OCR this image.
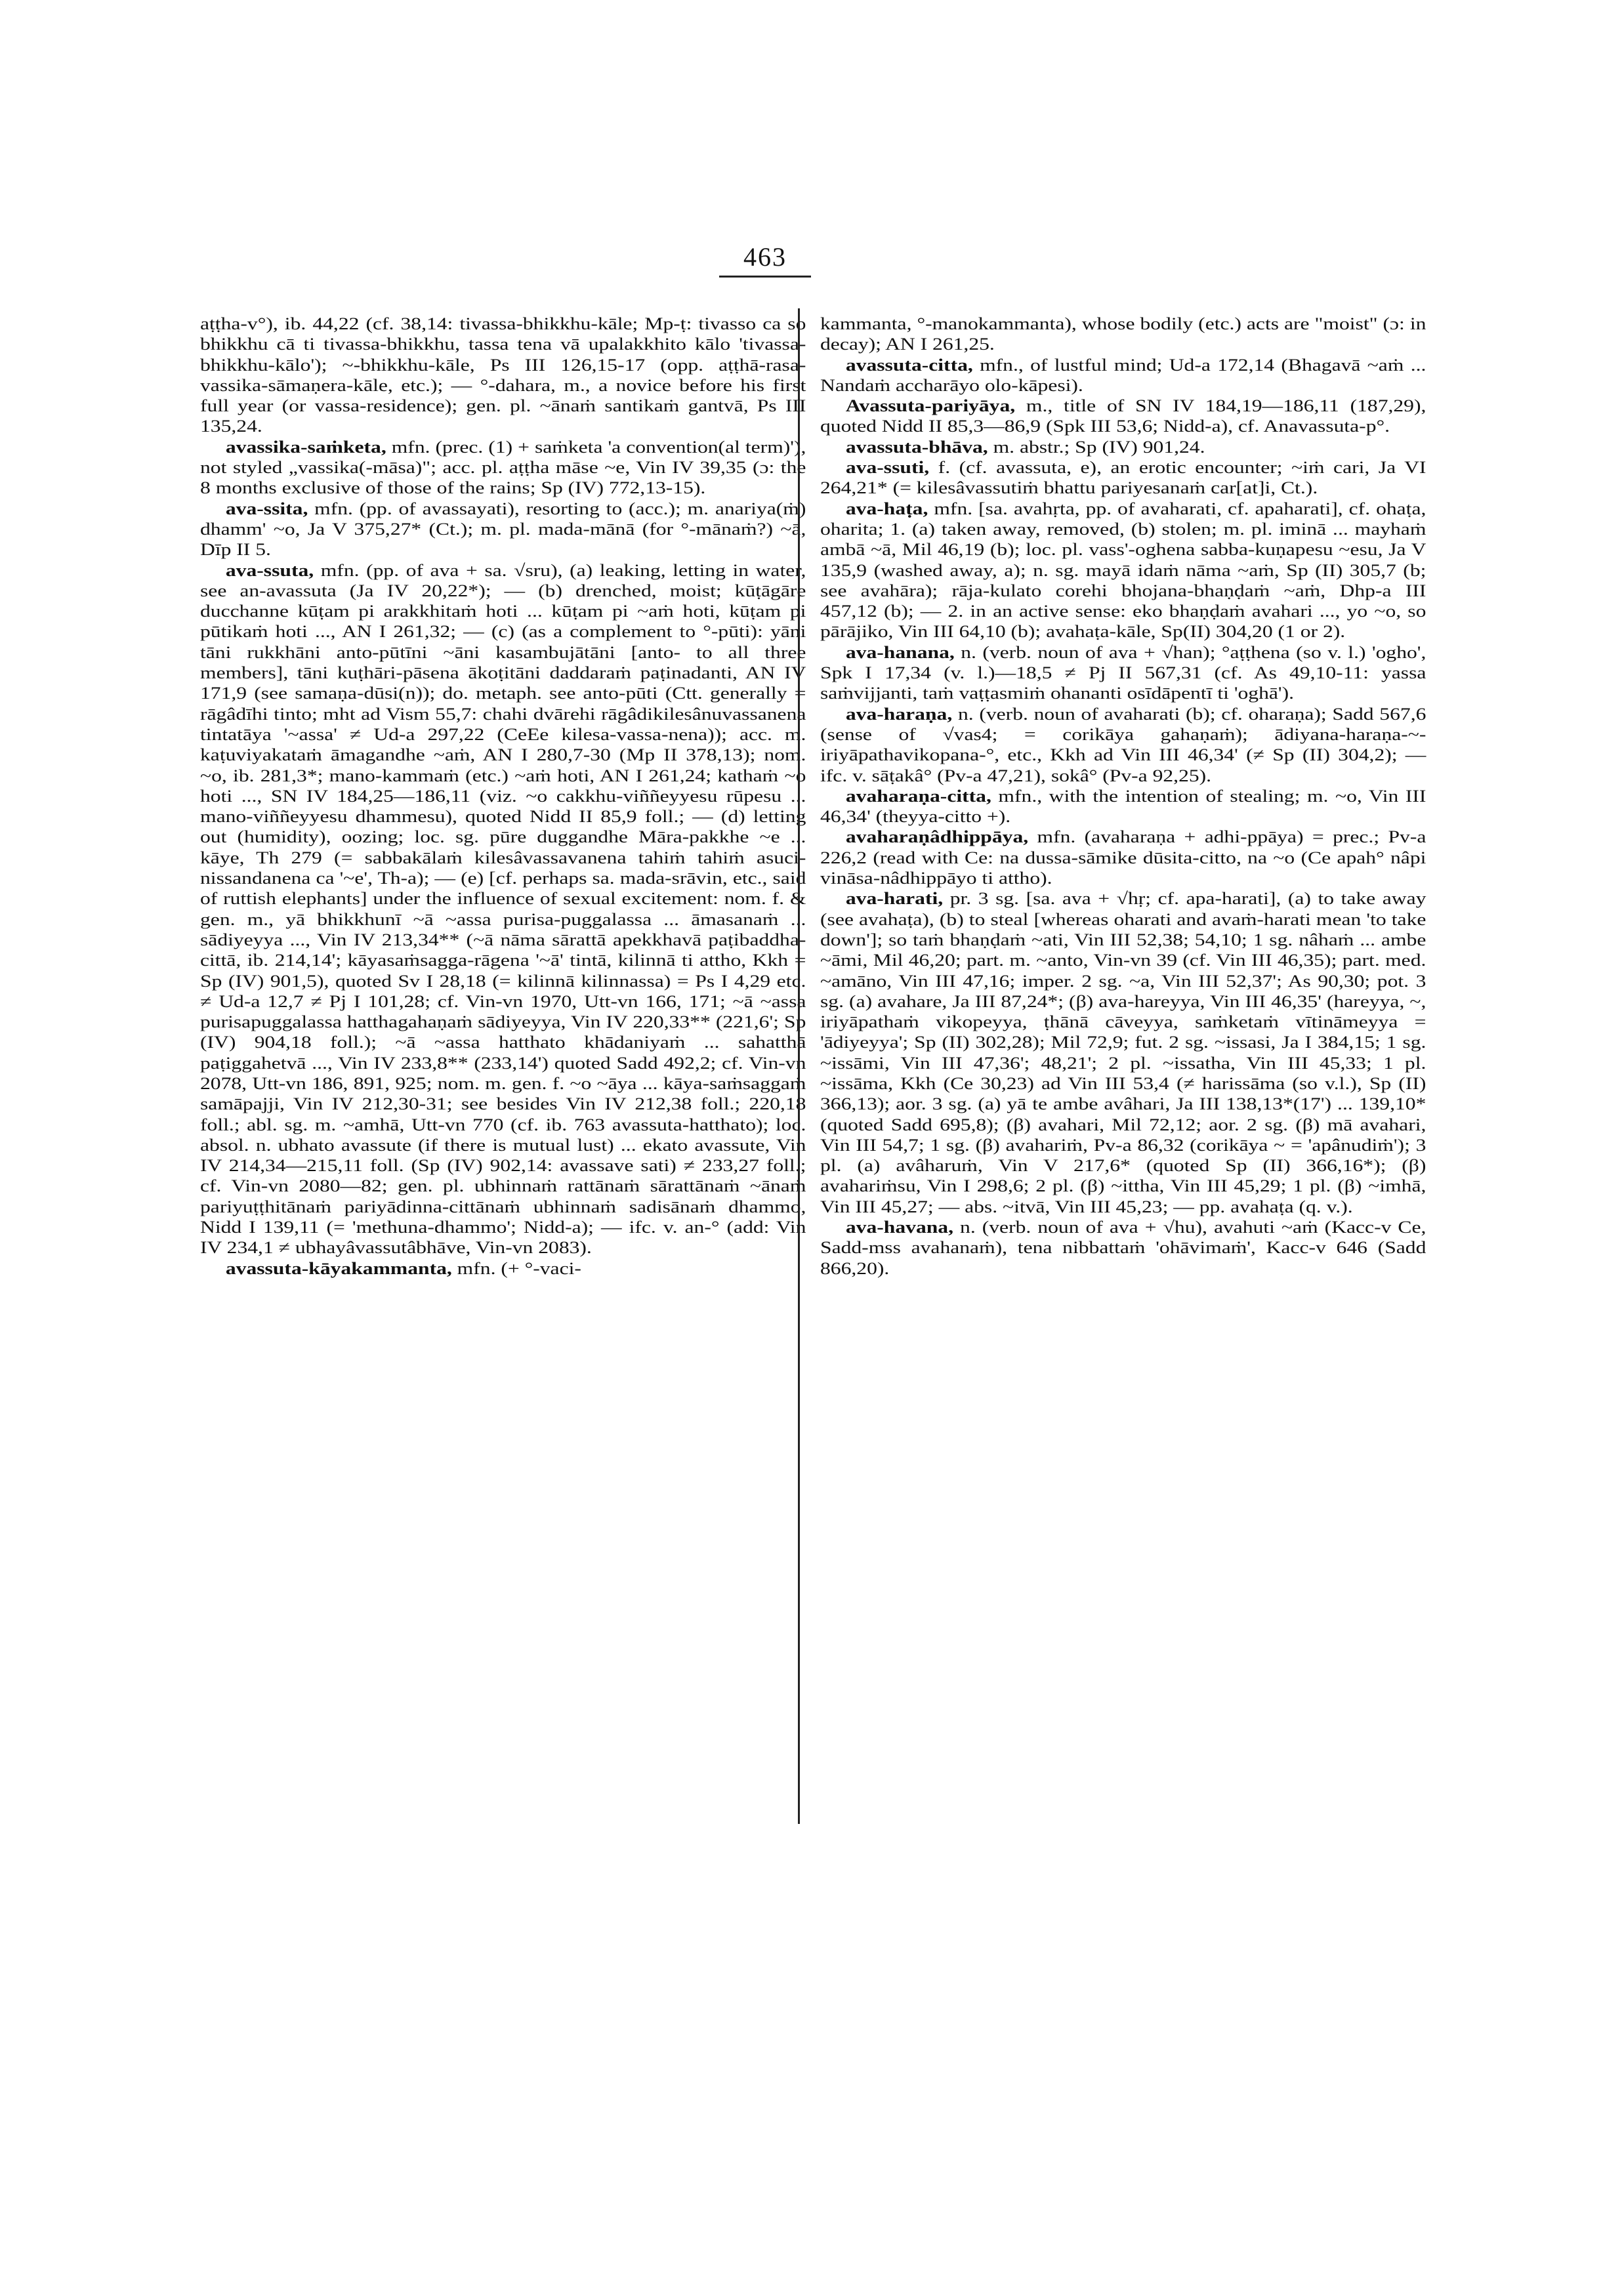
463

aṭṭha-v°), ib. 44,22 (cf. 38,14: tivassa-bhikkhu-kāle; Mp-ṭ: tivasso ca so bhikkhu cā ti tivassa-bhikkhu, tassa tena vā upalakkhito kālo 'tivassa-bhikkhu-kālo'); ~-bhikkhu-kāle, Ps III 126,15-17 (opp. aṭṭhā-rasa-vassika-sāmaṇera-kāle, etc.); — °-dahara, m., a novice before his first full year (or vassa-residence); gen. pl. ~ānaṁ santikaṁ gantvā, Ps III 135,24.

avassika-saṁketa, mfn. (prec. (1) + saṁketa 'a convention(al term)'), not styled „vassika(-māsa)"; acc. pl. aṭṭha māse ~e, Vin IV 39,35 (ɔ: the 8 months exclusive of those of the rains; Sp (IV) 772,13-15).

ava-ssita, mfn. (pp. of avassayati), resorting to (acc.); m. anariya(ṁ) dhamm' ~o, Ja V 375,27* (Ct.); m. pl. mada-mānā (for °-mānaṁ?) ~ā, Dīp II 5.

ava-ssuta, mfn. (pp. of ava + sa. √sru), (a) leaking, letting in water, see an-avassuta (Ja IV 20,22*); — (b) drenched, moist; kūṭāgāre ducchanne kūṭam pi arakkhitaṁ hoti ... kūṭam pi ~aṁ hoti, kūṭam pi pūtikaṁ hoti ..., AN I 261,32; — (c) (as a complement to °-pūti): yāni tāni rukkhāni anto-pūtīni ~āni kasambujātāni [anto- to all three members], tāni kuṭhāri-pāsena ākoṭitāni daddaraṁ paṭinadanti, AN IV 171,9 (see samaṇa-dūsi(n)); do. metaph. see anto-pūti (Ctt. generally = rāgâdīhi tinto; mht ad Vism 55,7: chahi dvārehi rāgâdikilesânuvassanena tintatāya '~assa' ≠ Ud-a 297,22 (CeEe kilesa-vassa-nena)); acc. m. kaṭuviyakataṁ āmagandhe ~aṁ, AN I 280,7-30 (Mp II 378,13); nom. ~o, ib. 281,3*; mano-kammaṁ (etc.) ~aṁ hoti, AN I 261,24; kathaṁ ~o hoti ..., SN IV 184,25—186,11 (viz. ~o cakkhu-viññeyyesu rūpesu ... mano-viññeyyesu dhammesu), quoted Nidd II 85,9 foll.; — (d) letting out (humidity), oozing; loc. sg. pūre duggandhe Māra-pakkhe ~e ... kāye, Th 279 (= sabbakālaṁ kilesâvassavanena tahiṁ tahiṁ asuci-nissandanena ca '~e', Th-a); — (e) [cf. perhaps sa. mada-srāvin, etc., said of ruttish elephants] under the influence of sexual excitement: nom. f. & gen. m., yā bhikkhunī ~ā ~assa purisa-puggalassa ... āmasanaṁ ... sādiyeyya ..., Vin IV 213,34** (~ā nāma sārattā apekkhavā paṭibaddha-cittā, ib. 214,14'; kāyasaṁsagga-rāgena '~ā' tintā, kilinnā ti attho, Kkh = Sp (IV) 901,5), quoted Sv I 28,18 (= kilinnā kilinnassa) = Ps I 4,29 etc. ≠ Ud-a 12,7 ≠ Pj I 101,28; cf. Vin-vn 1970, Utt-vn 166, 171; ~ā ~assa purisapuggalassa hatthagahaṇaṁ sādiyeyya, Vin IV 220,33** (221,6'; Sp (IV) 904,18 foll.); ~ā ~assa hatthato khādaniyaṁ ... sahatthā paṭiggahetvā ..., Vin IV 233,8** (233,14') quoted Sadd 492,2; cf. Vin-vn 2078, Utt-vn 186, 891, 925; nom. m. gen. f. ~o ~āya ... kāya-saṁsaggaṁ samāpajji, Vin IV 212,30-31; see besides Vin IV 212,38 foll.; 220,18 foll.; abl. sg. m. ~amhā, Utt-vn 770 (cf. ib. 763 avassuta-hatthato); loc. absol. n. ubhato avassute (if there is mutual lust) ... ekato avassute, Vin IV 214,34—215,11 foll. (Sp (IV) 902,14: avassave sati) ≠ 233,27 foll.; cf. Vin-vn 2080—82; gen. pl. ubhinnaṁ rattānaṁ sārattānaṁ ~ānaṁ pariyuṭṭhitānaṁ pariyādinna-cittānaṁ ubhinnaṁ sadisānaṁ dhammo, Nidd I 139,11 (= 'methuna-dhammo'; Nidd-a); — ifc. v. an-° (add: Vin IV 234,1 ≠ ubhayâvassutâbhāve, Vin-vn 2083).

avassuta-kāyakammanta, mfn. (+ °-vaci-

kammanta, °-manokammanta), whose bodily (etc.) acts are "moist" (ɔ: in decay); AN I 261,25.

avassuta-citta, mfn., of lustful mind; Ud-a 172,14 (Bhagavā ~aṁ ... Nandaṁ accharāyo olo-kāpesi).

Avassuta-pariyāya, m., title of SN IV 184,19—186,11 (187,29), quoted Nidd II 85,3—86,9 (Spk III 53,6; Nidd-a), cf. Anavassuta-p°.

avassuta-bhāva, m. abstr.; Sp (IV) 901,24.

ava-ssuti, f. (cf. avassuta, e), an erotic encounter; ~iṁ cari, Ja VI 264,21* (= kilesâvassutiṁ bhattu pariyesanaṁ car[at]i, Ct.).

ava-haṭa, mfn. [sa. avahṛta, pp. of avaharati, cf. apaharati], cf. ohaṭa, oharita; 1. (a) taken away, removed, (b) stolen; m. pl. iminā ... mayhaṁ ambā ~ā, Mil 46,19 (b); loc. pl. vass'-oghena sabba-kuṇapesu ~esu, Ja V 135,9 (washed away, a); n. sg. mayā idaṁ nāma ~aṁ, Sp (II) 305,7 (b; see avahāra); rāja-kulato corehi bhojana-bhaṇḍaṁ ~aṁ, Dhp-a III 457,12 (b); — 2. in an active sense: eko bhaṇḍaṁ avahari ..., yo ~o, so pārājiko, Vin III 64,10 (b); avahaṭa-kāle, Sp(II) 304,20 (1 or 2).

ava-hanana, n. (verb. noun of ava + √han); °aṭṭhena (so v. l.) 'ogho', Spk I 17,34 (v. l.)—18,5 ≠ Pj II 567,31 (cf. As 49,10-11: yassa saṁvijjanti, taṁ vaṭṭasmiṁ ohananti osīdāpentī ti 'oghā').

ava-haraṇa, n. (verb. noun of avaharati (b); cf. oharaṇa); Sadd 567,6 (sense of √vas4; = corikāya gahaṇaṁ); ādiyana-haraṇa-~-iriyāpathavikopana-°, etc., Kkh ad Vin III 46,34' (≠ Sp (II) 304,2); — ifc. v. sāṭakâ° (Pv-a 47,21), sokâ° (Pv-a 92,25).

avaharaṇa-citta, mfn., with the intention of stealing; m. ~o, Vin III 46,34' (theyya-citto +).

avaharaṇâdhippāya, mfn. (avaharaṇa + adhi-ppāya) = prec.; Pv-a 226,2 (read with Ce: na dussa-sāmike dūsita-citto, na ~o (Ce apah° nâpi vināsa-nâdhippāyo ti attho).

ava-harati, pr. 3 sg. [sa. ava + √hṛ; cf. apa-harati], (a) to take away (see avahaṭa), (b) to steal [whereas oharati and avaṁ-harati mean 'to take down']; so taṁ bhaṇḍaṁ ~ati, Vin III 52,38; 54,10; 1 sg. nâhaṁ ... ambe ~āmi, Mil 46,20; part. m. ~anto, Vin-vn 39 (cf. Vin III 46,35); part. med. ~amāno, Vin III 47,16; imper. 2 sg. ~a, Vin III 52,37'; As 90,30; pot. 3 sg. (a) avahare, Ja III 87,24*; (β) ava-hareyya, Vin III 46,35' (hareyya, ~, iriyāpathaṁ vikopeyya, ṭhānā cāveyya, saṁketaṁ vītināmeyya = 'ādiyeyya'; Sp (II) 302,28); Mil 72,9; fut. 2 sg. ~issasi, Ja I 384,15; 1 sg. ~issāmi, Vin III 47,36'; 48,21'; 2 pl. ~issatha, Vin III 45,33; 1 pl. ~issāma, Kkh (Ce 30,23) ad Vin III 53,4 (≠ harissāma (so v.l.), Sp (II) 366,13); aor. 3 sg. (a) yā te ambe avâhari, Ja III 138,13*(17') ... 139,10* (quoted Sadd 695,8); (β) avahari, Mil 72,12; aor. 2 sg. (β) mā avahari, Vin III 54,7; 1 sg. (β) avahariṁ, Pv-a 86,32 (corikāya ~ = 'apânudiṁ'); 3 pl. (a) avâharuṁ, Vin V 217,6* (quoted Sp (II) 366,16*); (β) avahariṁsu, Vin I 298,6; 2 pl. (β) ~ittha, Vin III 45,29; 1 pl. (β) ~imhā, Vin III 45,27; — abs. ~itvā, Vin III 45,23; — pp. avahaṭa (q. v.).

ava-havana, n. (verb. noun of ava + √hu), avahuti ~aṁ (Kacc-v Ce, Sadd-mss avahanaṁ), tena nibbattaṁ 'ohāvimaṁ', Kacc-v 646 (Sadd 866,20).
